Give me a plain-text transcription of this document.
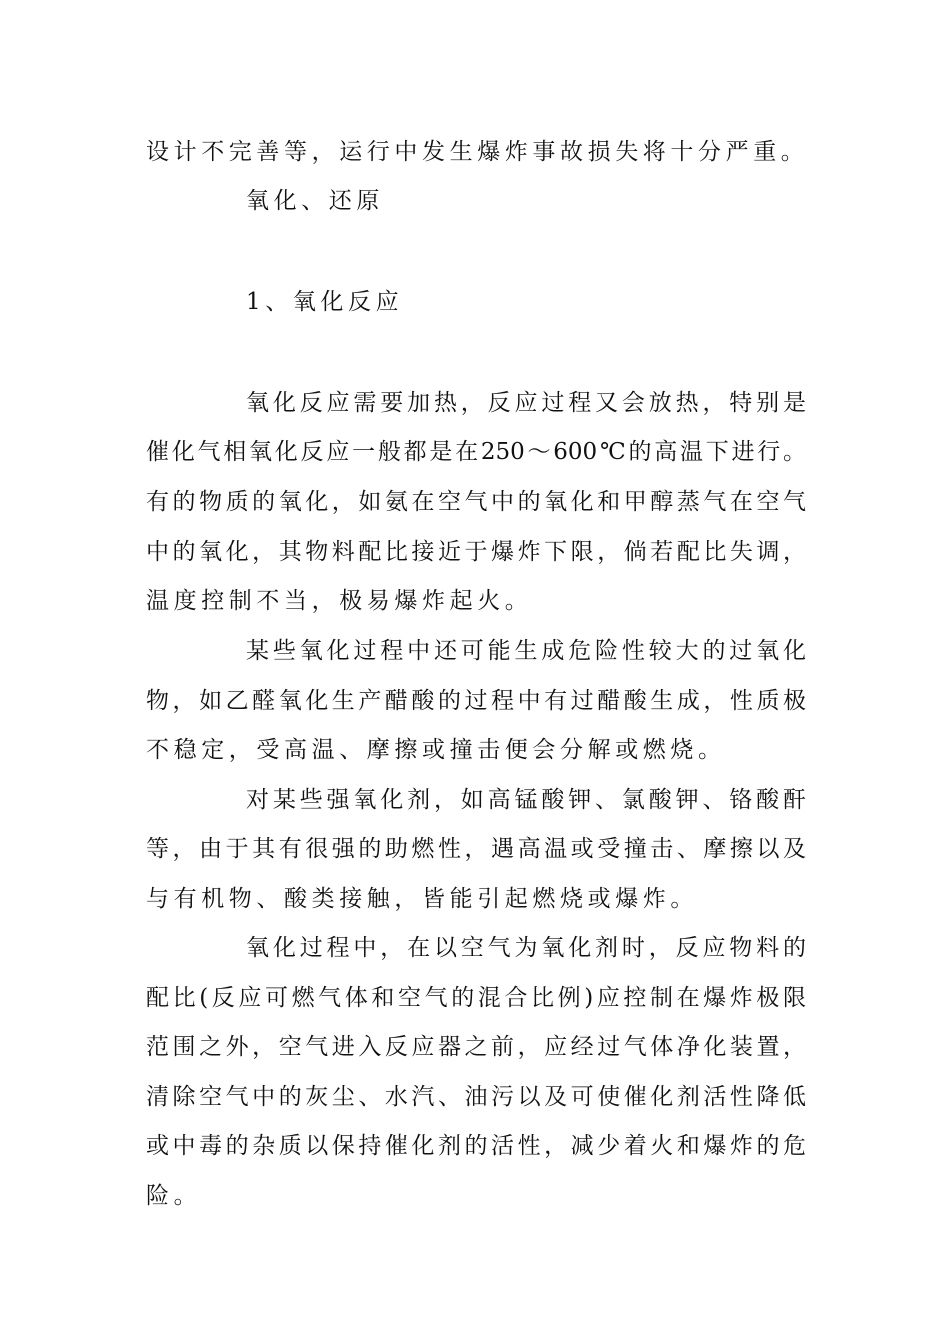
设计不完善等，运行中发生爆炸事故损失将十分严重。
氧化、还原
1、氧化反应
氧化反应需要加热，反应过程又会放热，特别是
催化气相氧化反应一般都是在250～600℃的高温下进行。
有的物质的氧化，如氨在空气中的氧化和甲醇蒸气在空气
中的氧化，其物料配比接近于爆炸下限，倘若配比失调，
温度控制不当，极易爆炸起火。
某些氧化过程中还可能生成危险性较大的过氧化
物，如乙醛氧化生产醋酸的过程中有过醋酸生成，性质极
不稳定，受高温、摩擦或撞击便会分解或燃烧。
对某些强氧化剂，如高锰酸钾、氯酸钾、铬酸酐
等，由于其有很强的助燃性，遇高温或受撞击、摩擦以及
与有机物、酸类接触，皆能引起燃烧或爆炸。
氧化过程中，在以空气为氧化剂时，反应物料的
配比(反应可燃气体和空气的混合比例)应控制在爆炸极限
范围之外，空气进入反应器之前，应经过气体净化装置，
清除空气中的灰尘、水汽、油污以及可使催化剂活性降低
或中毒的杂质以保持催化剂的活性，减少着火和爆炸的危
险。
